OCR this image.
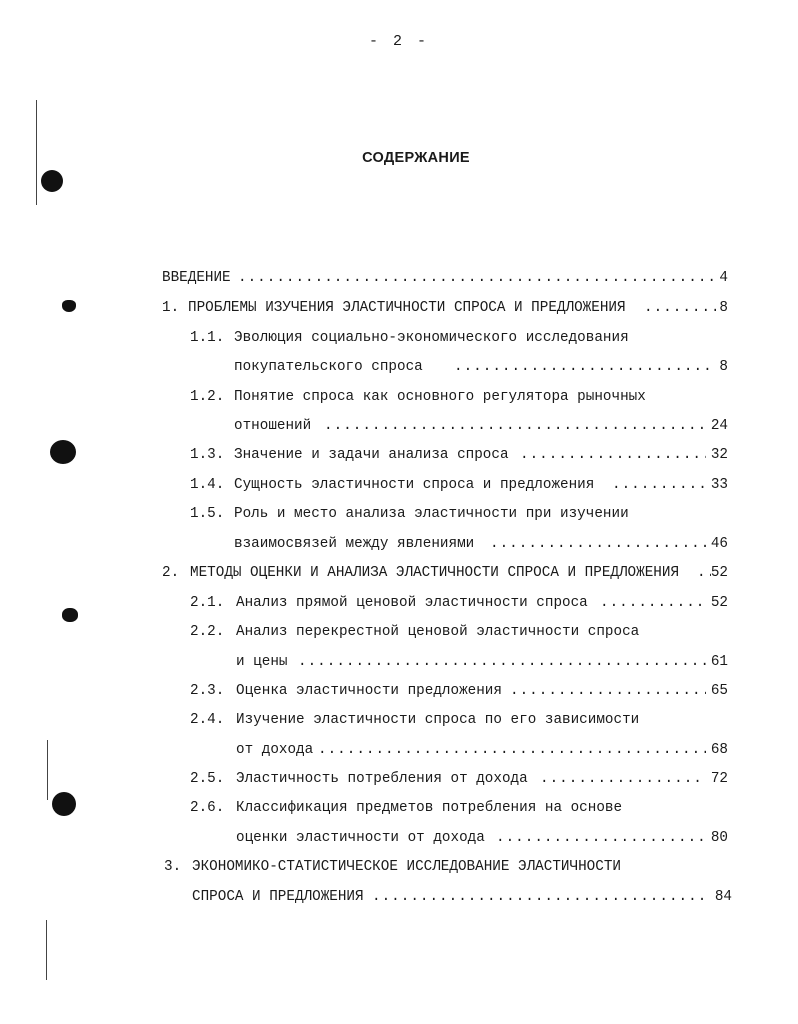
- 2 -
СОДЕРЖАНИЕ
ВВЕДЕНИЕ .....	4
1. ПРОБЛЕМЫ ИЗУЧЕНИЯ ЭЛАСТИЧНОСТИ СПРОСА И ПРЕДЛОЖЕНИЯ .....	8
1.1. Эволюция социально-экономического исследования
покупательского спроса .....	8
1.2. Понятие спроса как основного регулятора рыночных
отношений .....	24
1.3. Значение и задачи анализа спроса .....	32
1.4. Сущность эластичности спроса и предложения .....	33
1.5. Роль и место анализа эластичности при изучении
взаимосвязей между явлениями .....	46
2. МЕТОДЫ ОЦЕНКИ И АНАЛИЗА ЭЛАСТИЧНОСТИ СПРОСА И ПРЕДЛОЖЕНИЯ ..... 52
2.1. Анализ прямой ценовой эластичности спроса .....	52
2.2. Анализ перекрестной ценовой эластичности спроса
и цены .....	61
2.3. Оценка эластичности предложения .....	65
2.4. Изучение эластичности спроса по его зависимости
от дохода .....	68
2.5. Эластичность потребления от дохода .....	72
2.6. Классификация предметов потребления на основе
оценки эластичности от дохода .....	80
3. ЭКОНОМИКО-СТАТИСТИЧЕСКОЕ ИССЛЕДОВАНИЕ ЭЛАСТИЧНОСТИ
СПРОСА И ПРЕДЛОЖЕНИЯ .....	84
